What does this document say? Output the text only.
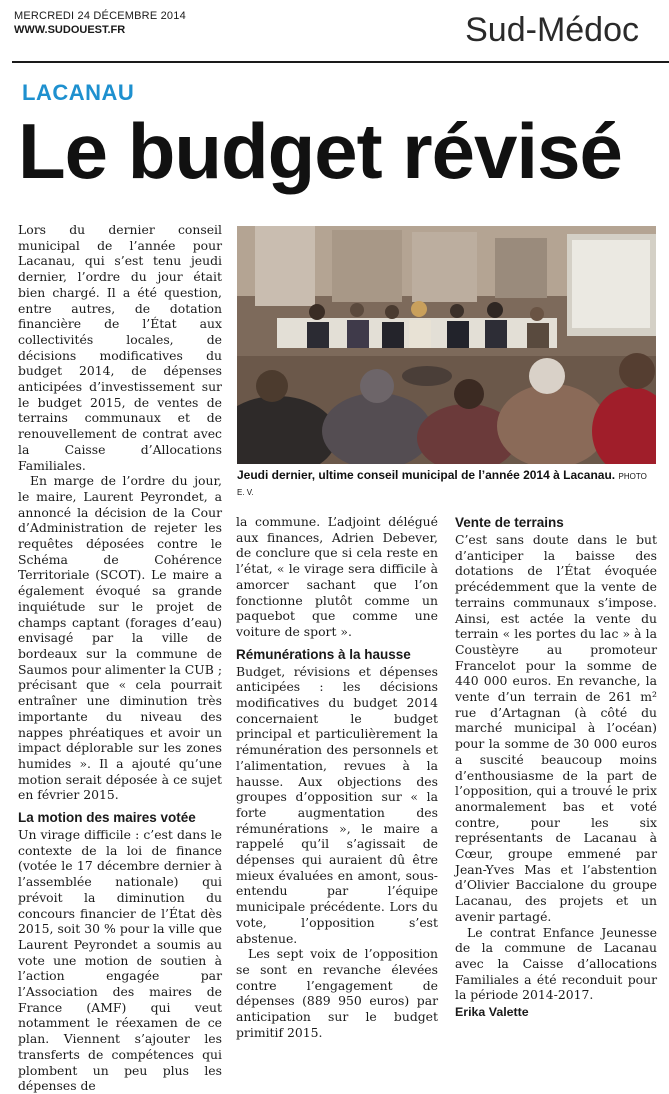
MERCREDI 24 DÉCEMBRE 2014
WWW.SUDOUEST.FR	Sud-Médoc
LACANAU
Le budget révisé

Lors du dernier conseil municipal de l’année pour Lacanau, qui s’est tenu jeudi dernier, l’ordre du jour était bien chargé. Il a été question, entre autres, de dotation financière de l’État aux collectivités locales, de décisions modificatives du budget 2014, de dépenses anticipées d’investissement sur le budget 2015, de ventes de terrains communaux et de renouvellement de contrat avec la Caisse d’Allocations Familiales.

En marge de l’ordre du jour, le maire, Laurent Peyrondet, a annoncé la décision de la Cour d’Administration de rejeter les requêtes déposées contre le Schéma de Cohérence Territoriale (SCOT). Le maire a également évoqué sa grande inquiétude sur le projet de champs captant (forages d’eau) envisagé par la ville de bordeaux sur la commune de Saumos pour alimenter la CUB ; précisant que « cela pourrait entraîner une diminution très importante du niveau des nappes phréatiques et avoir un impact déplorable sur les zones humides ». Il a ajouté qu’une motion serait déposée à ce sujet en février 2015.

La motion des maires votée

Un virage difficile : c’est dans le contexte de la loi de finance (votée le 17 décembre dernier à l’assemblée nationale) qui prévoit la diminution du concours financier de l’État dès 2015, soit 30 % pour la ville que Laurent Peyrondet a soumis au vote une motion de soutien à l’action engagée par l’Association des maires de France (AMF) qui veut notamment le réexamen de ce plan. Viennent s’ajouter les transferts de compétences qui plombent un peu plus les dépenses de

Jeudi dernier, ultime conseil municipal de l’année 2014 à Lacanau. PHOTO E. V.

la commune. L’adjoint délégué aux finances, Adrien Debever, de conclure que si cela reste en l’état, « le virage sera difficile à amorcer sachant que l’on fonctionne plutôt comme un paquebot que comme une voiture de sport ».

Rémunérations à la hausse

Budget, révisions et dépenses anticipées : les décisions modificatives du budget 2014 concernaient le budget principal et particulièrement la rémunération des personnels et l’alimentation, revues à la hausse. Aux objections des groupes d’opposition sur « la forte augmentation des rémunérations », le maire a rappelé qu’il s’agissait de dépenses qui auraient dû être mieux évaluées en amont, sous-entendu par l’équipe municipale précédente. Lors du vote, l’opposition s’est abstenue.

Les sept voix de l’opposition se sont en revanche élevées contre l’engagement de dépenses (889 950 euros) par anticipation sur le budget primitif 2015.

Vente de terrains

C’est sans doute dans le but d’anticiper la baisse des dotations de l’État évoquée précédemment que la vente de terrains communaux s’impose. Ainsi, est actée la vente du terrain « les portes du lac » à la Coustèyre au promoteur Francelot pour la somme de 440 000 euros. En revanche, la vente d’un terrain de 261 m² rue d’Artagnan (à côté du marché municipal à l’océan) pour la somme de 30 000 euros a suscité beaucoup moins d’enthousiasme de la part de l’opposition, qui a trouvé le prix anormalement bas et voté contre, pour les six représentants de Lacanau à Cœur, groupe emmené par Jean-Yves Mas et l’abstention d’Olivier Baccialone du groupe Lacanau, des projets et un avenir partagé.

Le contrat Enfance Jeunesse de la commune de Lacanau avec la Caisse d’allocations Familiales a été reconduit pour la période 2014-2017.

Erika Valette
